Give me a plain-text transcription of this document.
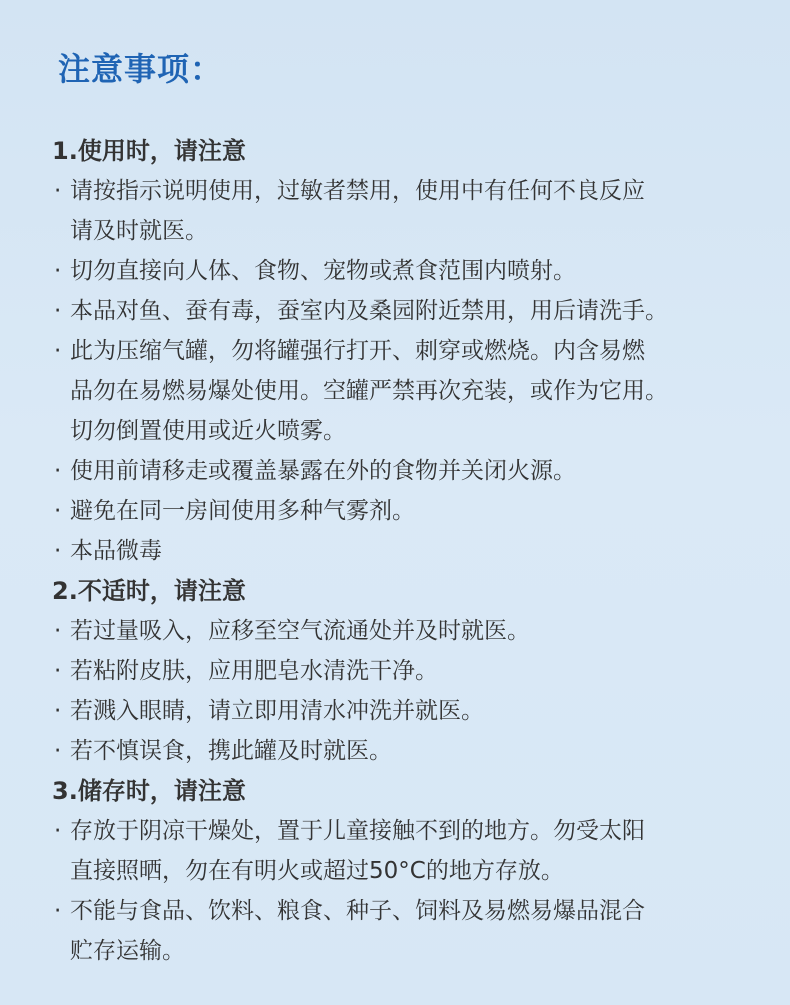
注意事项：
1.使用时，请注意
· 请按指示说明使用，过敏者禁用，使用中有任何不良反应
请及时就医。
· 切勿直接向人体、食物、宠物或煮食范围内喷射。
· 本品对鱼、蚕有毒，蚕室内及桑园附近禁用，用后请洗手。
· 此为压缩气罐，勿将罐强行打开、刺穿或燃烧。内含易燃
品勿在易燃易爆处使用。空罐严禁再次充装，或作为它用。
切勿倒置使用或近火喷雾。
· 使用前请移走或覆盖暴露在外的食物并关闭火源。
· 避免在同一房间使用多种气雾剂。
· 本品微毒
2.不适时，请注意
· 若过量吸入，应移至空气流通处并及时就医。
· 若粘附皮肤，应用肥皂水清洗干净。
· 若溅入眼睛，请立即用清水冲洗并就医。
· 若不慎误食，携此罐及时就医。
3.储存时，请注意
· 存放于阴凉干燥处，置于儿童接触不到的地方。勿受太阳
直接照晒，勿在有明火或超过50°C的地方存放。
· 不能与食品、饮料、粮食、种子、饲料及易燃易爆品混合
贮存运输。
